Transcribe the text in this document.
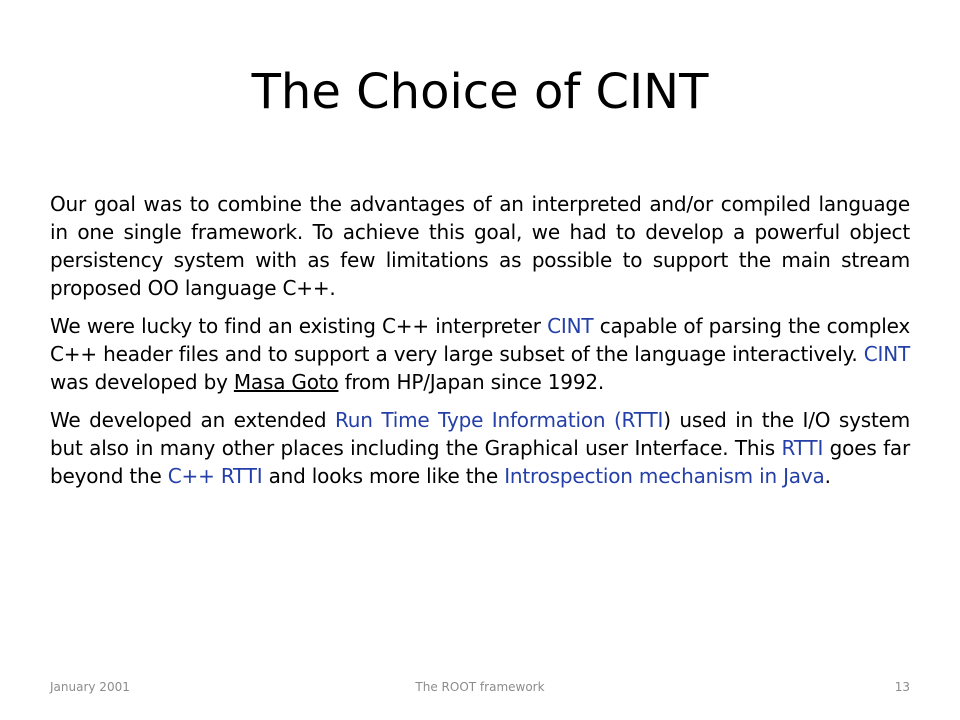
The Choice of CINT

Our goal was to combine the advantages of an interpreted and/or compiled language in one single framework. To achieve this goal, we had to develop a powerful object persistency system with as few limitations as possible to support the main stream proposed OO language C++.

We were lucky to find an existing C++ interpreter CINT capable of parsing the complex C++ header files and to support a very large subset of the language interactively. CINT was developed by Masa Goto from HP/Japan since 1992.

We developed an extended Run Time Type Information (RTTI) used in the I/O system but also in many other places including the Graphical user Interface. This RTTI goes far beyond the C++ RTTI and looks more like the Introspection mechanism in Java.

January 2001	The ROOT framework	13
